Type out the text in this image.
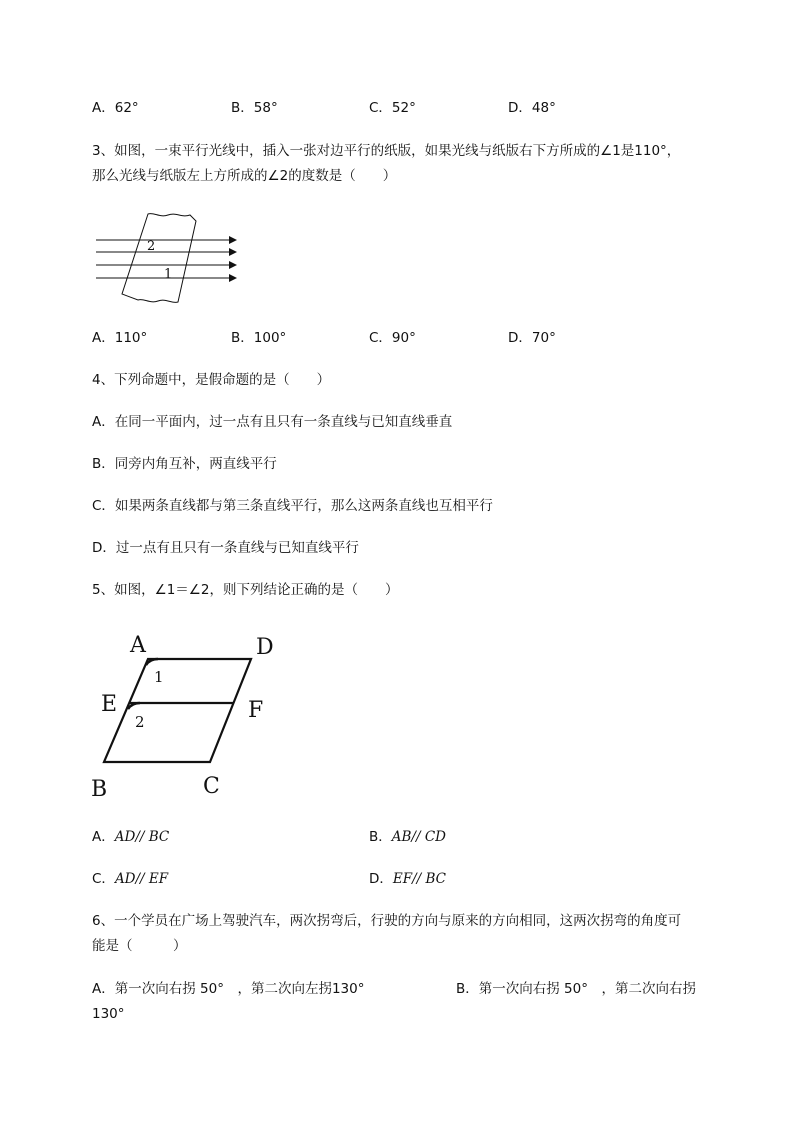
A．62°	B．58°	C．52°	D．48°
3、如图，一束平行光线中，插入一张对边平行的纸版，如果光线与纸版右下方所成的∠1是110°，
那么光线与纸版左上方所成的∠2的度数是（　　）
2
1
A．110°	B．100°	C．90°	D．70°
4、下列命题中，是假命题的是（　　）
A．在同一平面内，过一点有且只有一条直线与已知直线垂直
B．同旁内角互补，两直线平行
C．如果两条直线都与第三条直线平行，那么这两条直线也互相平行
D．过一点有且只有一条直线与已知直线平行
5、如图，∠1＝∠2，则下列结论正确的是（　　）
A	D
E	F
B	C
1
2
A．AD// BC	B．AB// CD
C．AD// EF	D．EF// BC
6、一个学员在广场上驾驶汽车，两次拐弯后，行驶的方向与原来的方向相同，这两次拐弯的角度可
能是（　　　）
A．第一次向右拐 50°　，第二次向左拐130°	B．第一次向右拐 50°　，第二次向右拐
130°
